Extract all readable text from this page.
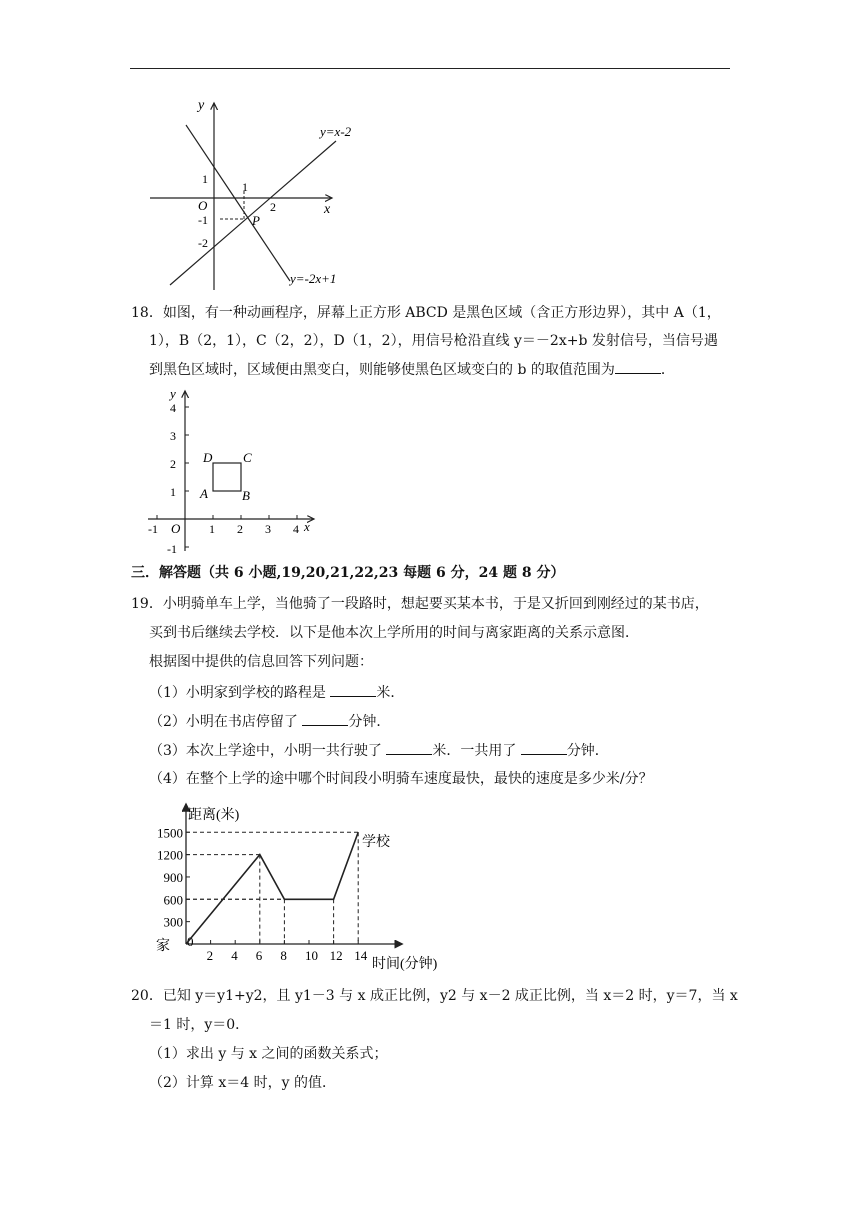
y
x
O
1
-1
-2
1
2
P
y=x-2
y=-2x+1
18．如图，有一种动画程序，屏幕上正方形 ABCD 是黑色区域（含正方形边界），其中 A（1，
1），B（2，1），C（2，2），D（1，2），用信号枪沿直线 y＝－2x+b 发射信号，当信号遇
到黑色区域时，区域便由黑变白，则能够使黑色区域变白的 b 的取值范围为	．
y
x
O
4
3
2
1
-1
-1	1 2 3 4
A	B
C
D
三．解答题（共 6 小题,19,20,21,22,23 每题 6 分，24 题 8 分）
19．小明骑单车上学，当他骑了一段路时，想起要买某本书，于是又折回到刚经过的某书店，
买到书后继续去学校．以下是他本次上学所用的时间与离家距离的关系示意图．
根据图中提供的信息回答下列问题：
（1）小明家到学校的路程是	米．
（2）小明在书店停留了	分钟．
（3）本次上学途中，小明一共行驶了	米．一共用了	分钟．
（4）在整个上学的途中哪个时间段小明骑车速度最快，最快的速度是多少米/分？
2 4 6 8 10 12 14
300
600
900
1200
1500
0
距离(米)
时间(分钟)
家
学校
20．已知 y＝y1+y2，且 y1－3 与 x 成正比例，y2 与 x－2 成正比例，当 x＝2 时，y＝7，当 x
＝1 时，y＝0．
（1）求出 y 与 x 之间的函数关系式；
（2）计算 x＝4 时，y 的值．
